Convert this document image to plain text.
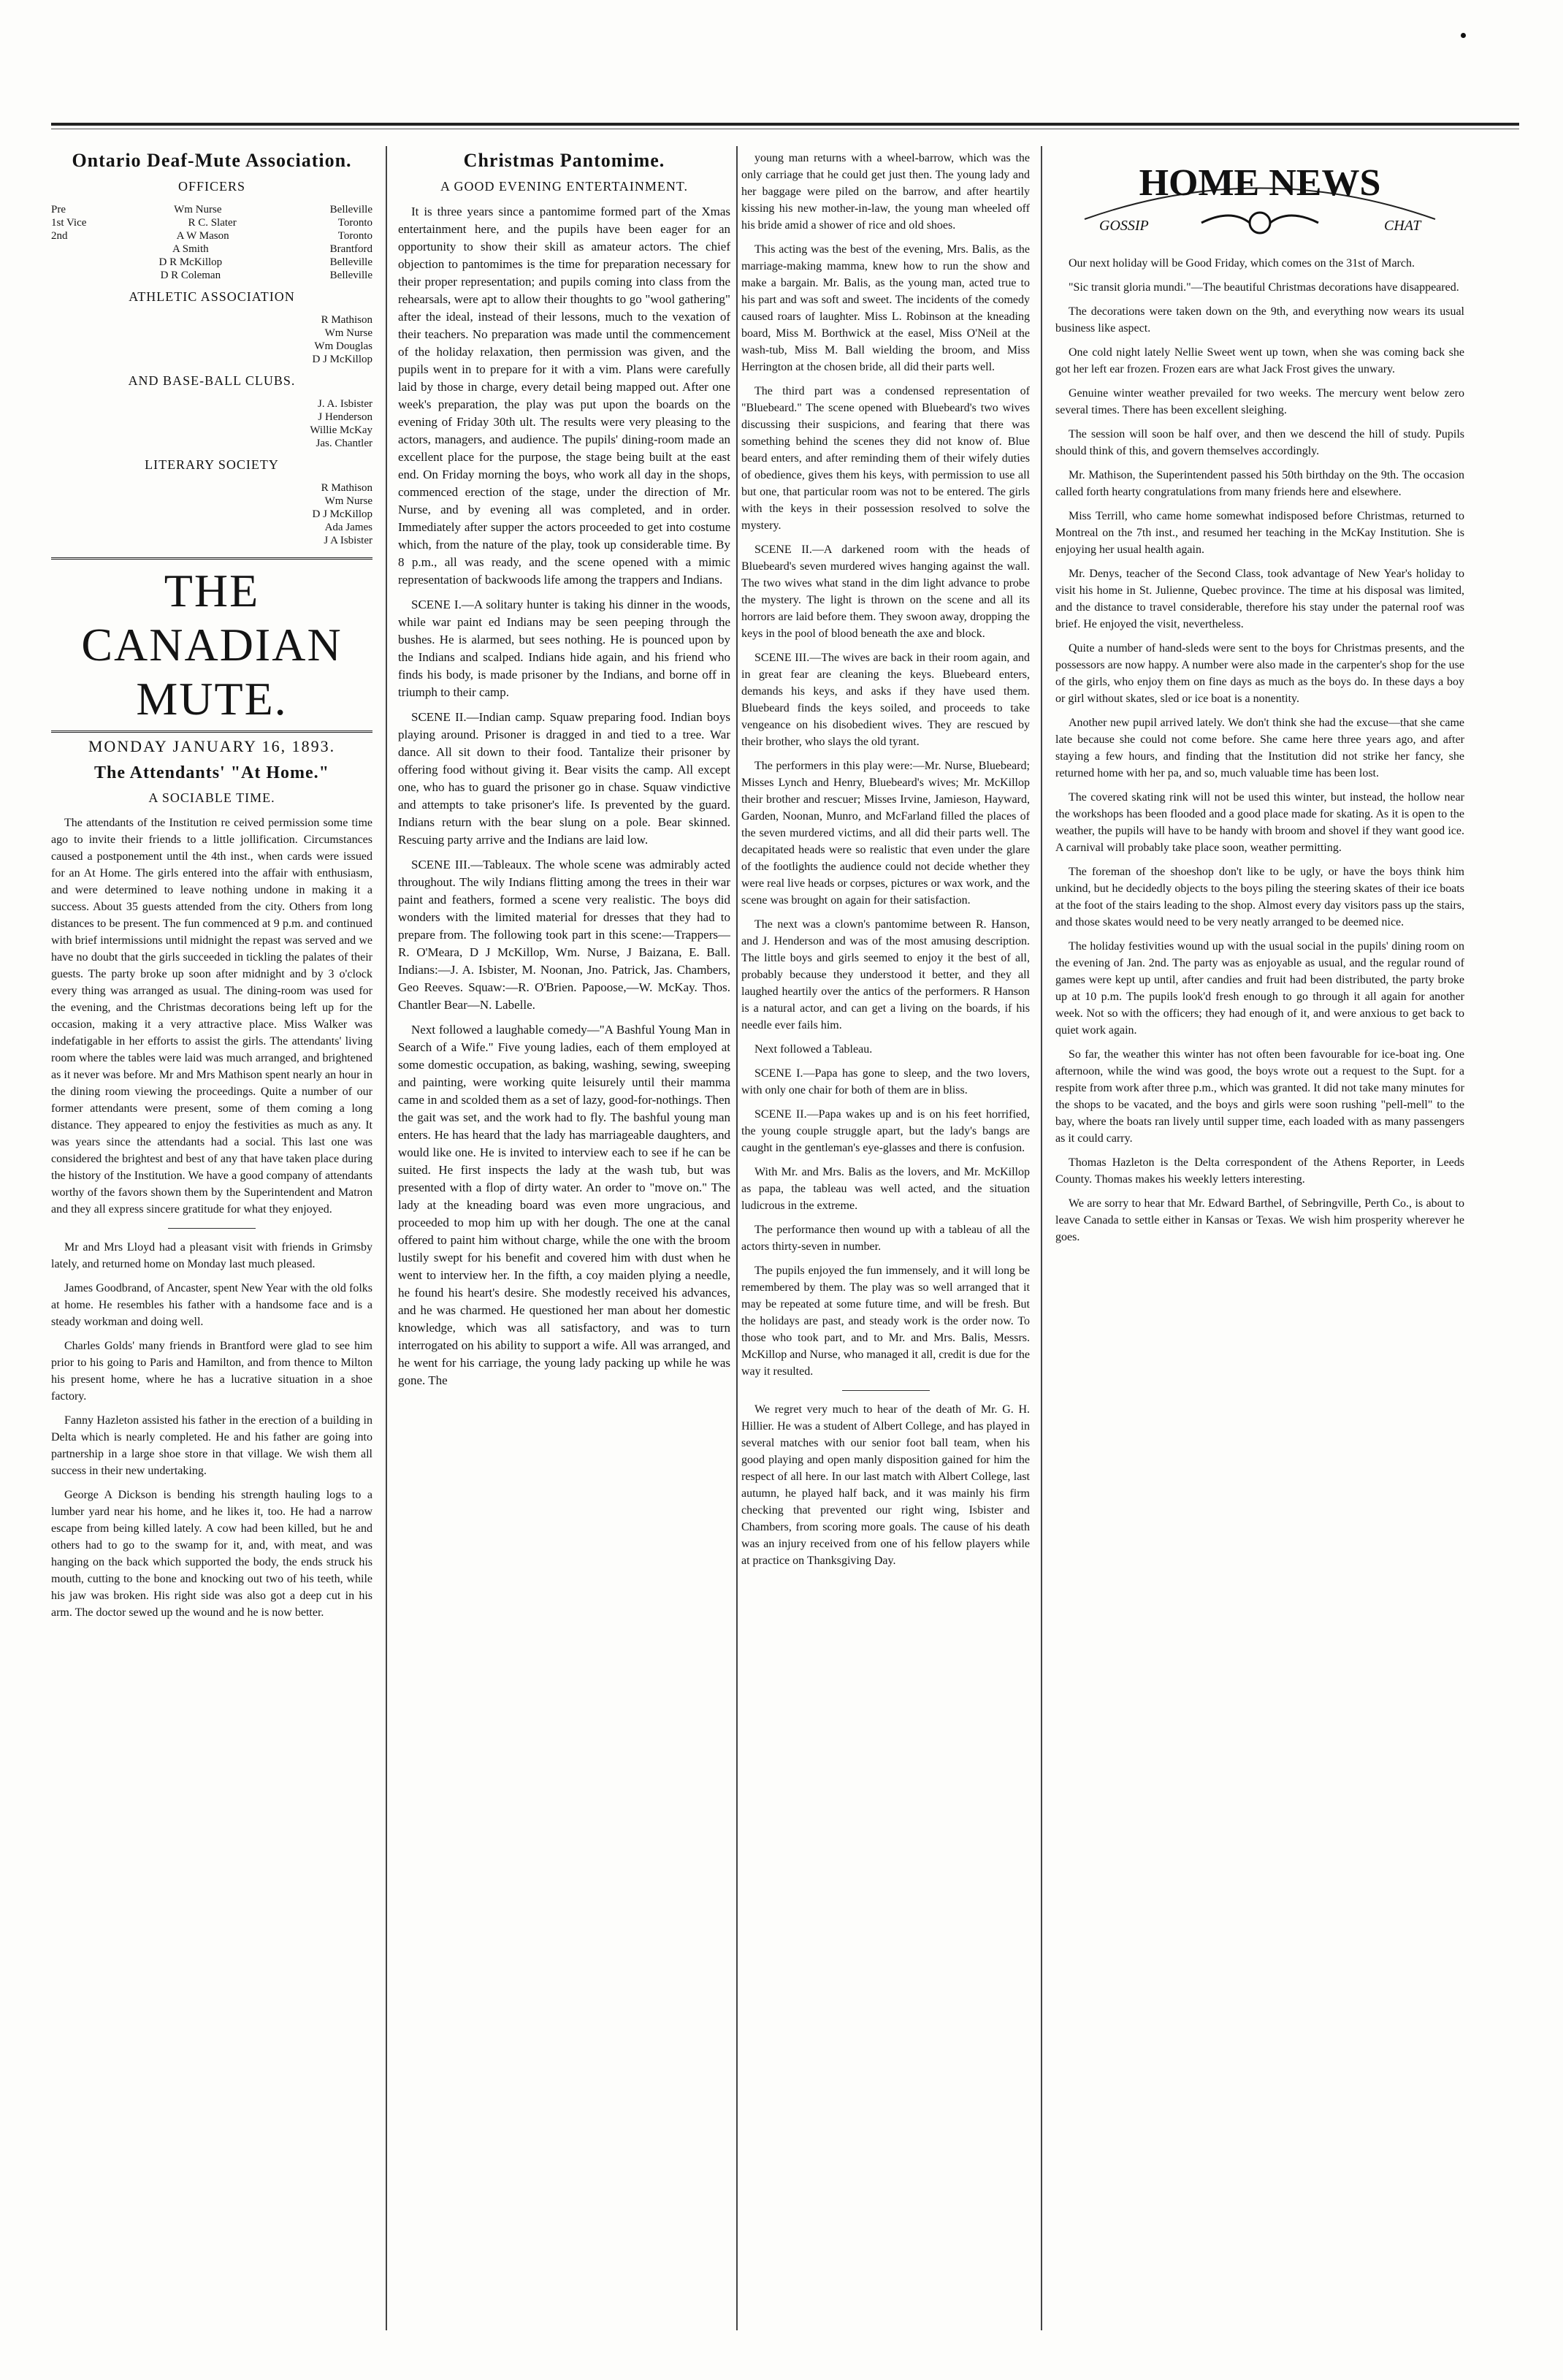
Ontario Deaf-Mute Association.
OFFICERS
Pre	Wm Nurse	Belleville
1st Vice	R C. Slater	Toronto
2nd	A W Mason	Toronto
A Smith	Brantford
D R McKillop	Belleville
D R Coleman	Belleville
ATHLETIC ASSOCIATION
R Mathison
Wm Nurse
Wm Douglas
D J McKillop
AND BASE-BALL CLUBS.
J. A. Isbister
J Henderson
Willie McKay
Jas. Chantler
LITERARY SOCIETY
R Mathison
Wm Nurse
D J McKillop
Ada James
J A Isbister
THE CANADIAN MUTE.
MONDAY JANUARY 16, 1893.
The Attendants' "At Home."
A SOCIABLE TIME.

The attendants of the Institution re ceived permission some time ago to invite their friends to a little jollification. Circumstances caused a postponement until the 4th inst., when cards were issued for an At Home. The girls entered into the affair with enthusiasm, and were determined to leave nothing undone in making it a success. About 35 guests attended from the city. Others from long distances to be present. The fun commenced at 9 p.m. and continued with brief intermissions until midnight the repast was served and we have no doubt that the girls succeeded in tickling the palates of their guests. The party broke up soon after midnight and by 3 o'clock every thing was arranged as usual. The dining-room was used for the evening, and the Christmas decorations being left up for the occasion, making it a very attractive place. Miss Walker was indefatigable in her efforts to assist the girls. The attendants' living room where the tables were laid was much arranged, and brightened as it never was before. Mr and Mrs Mathison spent nearly an hour in the dining room viewing the proceedings. Quite a number of our former attendants were present, some of them coming a long distance. They appeared to enjoy the festivities as much as any. It was years since the attendants had a social. This last one was considered the brightest and best of any that have taken place during the history of the Institution. We have a good company of attendants worthy of the favors shown them by the Superintendent and Matron and they all express sincere gratitude for what they enjoyed.

Mr and Mrs Lloyd had a pleasant visit with friends in Grimsby lately, and returned home on Monday last much pleased.

James Goodbrand, of Ancaster, spent New Year with the old folks at home. He resembles his father with a handsome face and is a steady workman and doing well.

Charles Golds' many friends in Brantford were glad to see him prior to his going to Paris and Hamilton, and from thence to Milton his present home, where he has a lucrative situation in a shoe factory.

Fanny Hazleton assisted his father in the erection of a building in Delta which is nearly completed. He and his father are going into partnership in a large shoe store in that village. We wish them all success in their new undertaking.

George A Dickson is bending his strength hauling logs to a lumber yard near his home, and he likes it, too. He had a narrow escape from being killed lately. A cow had been killed, but he and others had to go to the swamp for it, and, with meat, and was hanging on the back which supported the body, the ends struck his mouth, cutting to the bone and knocking out two of his teeth, while his jaw was broken. His right side was also got a deep cut in his arm. The doctor sewed up the wound and he is now better.

Christmas Pantomime.
A GOOD EVENING ENTERTAINMENT.

It is three years since a pantomime formed part of the Xmas entertainment here, and the pupils have been eager for an opportunity to show their skill as amateur actors. The chief objection to pantomimes is the time for preparation necessary for their proper representation; and pupils coming into class from the rehearsals, were apt to allow their thoughts to go "wool gathering" after the ideal, instead of their lessons, much to the vexation of their teachers. No preparation was made until the commencement of the holiday relaxation, then permission was given, and the pupils went in to prepare for it with a vim. Plans were carefully laid by those in charge, every detail being mapped out. After one week's preparation, the play was put upon the boards on the evening of Friday 30th ult. The results were very pleasing to the actors, managers, and audience. The pupils' dining-room made an excellent place for the purpose, the stage being built at the east end. On Friday morning the boys, who work all day in the shops, commenced erection of the stage, under the direction of Mr. Nurse, and by evening all was completed, and in order. Immediately after supper the actors proceeded to get into costume which, from the nature of the play, took up considerable time. By 8 p.m., all was ready, and the scene opened with a mimic representation of backwoods life among the trappers and Indians.

SCENE I.—A solitary hunter is taking his dinner in the woods, while war paint ed Indians may be seen peeping through the bushes. He is alarmed, but sees nothing. He is pounced upon by the Indians and scalped. Indians hide again, and his friend who finds his body, is made prisoner by the Indians, and borne off in triumph to their camp.

SCENE II.—Indian camp. Squaw preparing food. Indian boys playing around. Prisoner is dragged in and tied to a tree. War dance. All sit down to their food. Tantalize their prisoner by offering food without giving it. Bear visits the camp. All except one, who has to guard the prisoner go in chase. Squaw vindictive and attempts to take prisoner's life. Is prevented by the guard. Indians return with the bear slung on a pole. Bear skinned. Rescuing party arrive and the Indians are laid low.

SCENE III.—Tableaux. The whole scene was admirably acted throughout. The wily Indians flitting among the trees in their war paint and feathers, formed a scene very realistic. The boys did wonders with the limited material for dresses that they had to prepare from. The following took part in this scene:—Trappers—R. O'Meara, D J McKillop, Wm. Nurse, J Baizana, E. Ball. Indians:—J. A. Isbister, M. Noonan, Jno. Patrick, Jas. Chambers, Geo Reeves. Squaw:—R. O'Brien. Papoose,—W. McKay. Thos. Chantler Bear—N. Labelle.

Next followed a laughable comedy—"A Bashful Young Man in Search of a Wife." Five young ladies, each of them employed at some domestic occupation, as baking, washing, sewing, sweeping and painting, were working quite leisurely until their mamma came in and scolded them as a set of lazy, good-for-nothings. Then the gait was set, and the work had to fly. The bashful young man enters. He has heard that the lady has marriageable daughters, and would like one. He is invited to interview each to see if he can be suited. He first inspects the lady at the wash tub, but was presented with a flop of dirty water. An order to "move on." The lady at the kneading board was even more ungracious, and proceeded to mop him up with her dough. The one at the canal offered to paint him without charge, while the one with the broom lustily swept for his benefit and covered him with dust when he went to interview her. In the fifth, a coy maiden plying a needle, he found his heart's desire. She modestly received his advances, and he was charmed. He questioned her man about her domestic knowledge, which was all satisfactory, and was to turn interrogated on his ability to support a wife. All was arranged, and he went for his carriage, the young lady packing up while he was gone. The

young man returns with a wheel-barrow, which was the only carriage that he could get just then. The young lady and her baggage were piled on the barrow, and after heartily kissing his new mother-in-law, the young man wheeled off his bride amid a shower of rice and old shoes.

This acting was the best of the evening, Mrs. Balis, as the marriage-making mamma, knew how to run the show and make a bargain. Mr. Balis, as the young man, acted true to his part and was soft and sweet. The incidents of the comedy caused roars of laughter. Miss L. Robinson at the kneading board, Miss M. Borthwick at the easel, Miss O'Neil at the wash-tub, Miss M. Ball wielding the broom, and Miss Herrington at the chosen bride, all did their parts well.

The third part was a condensed representation of "Bluebeard." The scene opened with Bluebeard's two wives discussing their suspicions, and fearing that there was something behind the scenes they did not know of. Blue beard enters, and after reminding them of their wifely duties of obedience, gives them his keys, with permission to use all but one, that particular room was not to be entered. The girls with the keys in their possession resolved to solve the mystery.

SCENE II.—A darkened room with the heads of Bluebeard's seven murdered wives hanging against the wall. The two wives what stand in the dim light advance to probe the mystery. The light is thrown on the scene and all its horrors are laid before them. They swoon away, dropping the keys in the pool of blood beneath the axe and block.

SCENE III.—The wives are back in their room again, and in great fear are cleaning the keys. Bluebeard enters, demands his keys, and asks if they have used them. Bluebeard finds the keys soiled, and proceeds to take vengeance on his disobedient wives. They are rescued by their brother, who slays the old tyrant.

The performers in this play were:—Mr. Nurse, Bluebeard; Misses Lynch and Henry, Bluebeard's wives; Mr. McKillop their brother and rescuer; Misses Irvine, Jamieson, Hayward, Garden, Noonan, Munro, and McFarland filled the places of the seven murdered victims, and all did their parts well. The decapitated heads were so realistic that even under the glare of the footlights the audience could not decide whether they were real live heads or corpses, pictures or wax work, and the scene was brought on again for their satisfaction.

The next was a clown's pantomime between R. Hanson, and J. Henderson and was of the most amusing description. The little boys and girls seemed to enjoy it the best of all, probably because they understood it better, and they all laughed heartily over the antics of the performers. R Hanson is a natural actor, and can get a living on the boards, if his needle ever fails him.

Next followed a Tableau.

SCENE I.—Papa has gone to sleep, and the two lovers, with only one chair for both of them are in bliss.

SCENE II.—Papa wakes up and is on his feet horrified, the young couple struggle apart, but the lady's bangs are caught in the gentleman's eye-glasses and there is confusion.

With Mr. and Mrs. Balis as the lovers, and Mr. McKillop as papa, the tableau was well acted, and the situation ludicrous in the extreme.

The performance then wound up with a tableau of all the actors thirty-seven in number.

The pupils enjoyed the fun immensely, and it will long be remembered by them. The play was so well arranged that it may be repeated at some future time, and will be fresh. But the holidays are past, and steady work is the order now. To those who took part, and to Mr. and Mrs. Balis, Messrs. McKillop and Nurse, who managed it all, credit is due for the way it resulted.

We regret very much to hear of the death of Mr. G. H. Hillier. He was a student of Albert College, and has played in several matches with our senior foot ball team, when his good playing and open manly disposition gained for him the respect of all here. In our last match with Albert College, last autumn, he played half back, and it was mainly his firm checking that prevented our right wing, Isbister and Chambers, from scoring more goals. The cause of his death was an injury received from one of his fellow players while at practice on Thanksgiving Day.

HOME NEWS
GOSSIP	CHAT

Our next holiday will be Good Friday, which comes on the 31st of March.

"Sic transit gloria mundi."—The beautiful Christmas decorations have disappeared.

The decorations were taken down on the 9th, and everything now wears its usual business like aspect.

One cold night lately Nellie Sweet went up town, when she was coming back she got her left ear frozen. Frozen ears are what Jack Frost gives the unwary.

Genuine winter weather prevailed for two weeks. The mercury went below zero several times. There has been excellent sleighing.

The session will soon be half over, and then we descend the hill of study. Pupils should think of this, and govern themselves accordingly.

Mr. Mathison, the Superintendent passed his 50th birthday on the 9th. The occasion called forth hearty congratulations from many friends here and elsewhere.

Miss Terrill, who came home somewhat indisposed before Christmas, returned to Montreal on the 7th inst., and resumed her teaching in the McKay Institution. She is enjoying her usual health again.

Mr. Denys, teacher of the Second Class, took advantage of New Year's holiday to visit his home in St. Julienne, Quebec province. The time at his disposal was limited, and the distance to travel considerable, therefore his stay under the paternal roof was brief. He enjoyed the visit, nevertheless.

Quite a number of hand-sleds were sent to the boys for Christmas presents, and the possessors are now happy. A number were also made in the carpenter's shop for the use of the girls, who enjoy them on fine days as much as the boys do. In these days a boy or girl without skates, sled or ice boat is a nonentity.

Another new pupil arrived lately. We don't think she had the excuse—that she came late because she could not come before. She came here three years ago, and after staying a few hours, and finding that the Institution did not strike her fancy, she returned home with her pa, and so, much valuable time has been lost.

The covered skating rink will not be used this winter, but instead, the hollow near the workshops has been flooded and a good place made for skating. As it is open to the weather, the pupils will have to be handy with broom and shovel if they want good ice. A carnival will probably take place soon, weather permitting.

The foreman of the shoeshop don't like to be ugly, or have the boys think him unkind, but he decidedly objects to the boys piling the steering skates of their ice boats at the foot of the stairs leading to the shop. Almost every day visitors pass up the stairs, and those skates would need to be very neatly arranged to be deemed nice.

The holiday festivities wound up with the usual social in the pupils' dining room on the evening of Jan. 2nd. The party was as enjoyable as usual, and the regular round of games were kept up until, after candies and fruit had been distributed, the party broke up at 10 p.m. The pupils look'd fresh enough to go through it all again for another week. Not so with the officers; they had enough of it, and were anxious to get back to quiet work again.

So far, the weather this winter has not often been favourable for ice-boat ing. One afternoon, while the wind was good, the boys wrote out a request to the Supt. for a respite from work after three p.m., which was granted. It did not take many minutes for the shops to be vacated, and the boys and girls were soon rushing "pell-mell" to the bay, where the boats ran lively until supper time, each loaded with as many passengers as it could carry.

Thomas Hazleton is the Delta correspondent of the Athens Reporter, in Leeds County. Thomas makes his weekly letters interesting.

We are sorry to hear that Mr. Edward Barthel, of Sebringville, Perth Co., is about to leave Canada to settle either in Kansas or Texas. We wish him prosperity wherever he goes.
